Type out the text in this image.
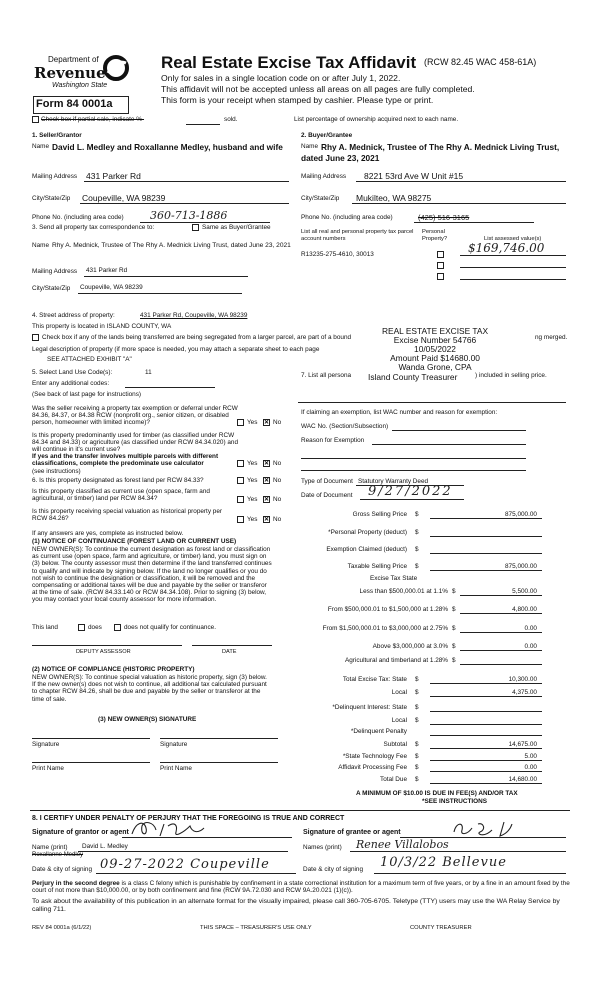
Department of
Revenue
Washington State
Form 84 0001a
Real Estate Excise Tax Affidavit (RCW 82.45 WAC 458-61A)
Only for sales in a single location code on or after July 1, 2022.
This affidavit will not be accepted unless all areas on all pages are fully completed.
This form is your receipt when stamped by cashier. Please type or print.
Check box if partial sale, indicate %-	sold.	List percentage of ownership acquired next to each name.
1. Seller/Grantor
Name David L. Medley and Roxallanne Medley, husband and wife
Mailing Address 431 Parker Rd
City/State/Zip Coupeville, WA 98239
Phone No. (including area code) 360-713-1886
2. Buyer/Grantee
Name Rhy A. Mednick, Trustee of The Rhy A. Mednick Living Trust, dated June 23, 2021
Mailing Address 8221 53rd Ave W Unit #15
City/State/Zip Mukilteo, WA 98275
Phone No. (including area code)	(425) 516-3165
3. Send all property tax correspondence to:	Same as Buyer/Grantee
Name Rhy A. Mednick, Trustee of The Rhy A. Mednick Living Trust, dated June 23, 2021
Mailing Address 431 Parker Rd
City/State/Zip Coupeville, WA 98239
List all real and personal property tax parcel account numbers
Personal Property?	List assessed value(s)
R13235-275-4610, 30013	$169,746.00
4. Street address of property:	431 Parker Rd, Coupeville, WA 98239
This property is located in ISLAND COUNTY, WA
Check box if any of the lands being transferred are being segregated from a larger parcel, are part of a bound	ng merged.
Legal description of property (if more space is needed, you may attach a separate sheet to each page
SEE ATTACHED EXHIBIT "A"
5. Select Land Use Code(s):	11
Enter any additional codes:
(See back of last page for instructions)
REAL ESTATE EXCISE TAX
Excise Number 54766
10/05/2022
Amount Paid $14680.00
Wanda Grone, CPA
7. List all persona Island County Treasurer	) included in selling price.
Was the seller receiving a property tax exemption or deferral under RCW 84.36, 84.37, or 84.38 RCW (nonprofit org., senior citizen, or disabled person, homeowner with limited income)?	Yes ✕ No
Is this property predominantly used for timber (as classified under RCW 84.34 and 84.33) or agriculture (as classified under RCW 84.34.020) and will continue in it's current use?
If yes and the transfer involves multiple parcels with different classifications, complete the predominate use calculator	Yes ✕ No
(see instructions)
6. Is this property designated as forest land per RCW 84.33?	Yes ✕ No
Is this property classified as current use (open space, farm and agricultural, or timber) land per RCW 84.34?	Yes ✕ No
Is this property receiving special valuation as historical property per RCW 84.26?	Yes ✕ No
If any answers are yes, complete as instructed below.
(1) NOTICE OF CONTINUANCE (FOREST LAND OR CURRENT USE)
NEW OWNER(S): To continue the current designation as forest land or classification as current use (open space, farm and agriculture, or timber) land, you must sign on (3) below. The county assessor must then determine if the land transferred continues to qualify and will indicate by signing below. If the land no longer qualifies or you do not wish to continue the designation or classification, it will be removed and the compensating or additional taxes will be due and payable by the seller or transferor at the time of sale. (RCW 84.33.140 or RCW 84.34.108). Prior to signing (3) below, you may contact your local county assessor for more information.
This land	does	does not qualify for continuance.
DEPUTY ASSESSOR	DATE
(2) NOTICE OF COMPLIANCE (HISTORIC PROPERTY)
NEW OWNER(S): To continue special valuation as historic property, sign (3) below. If the new owner(s) does not wish to continue, all additional tax calculated pursuant to chapter RCW 84.26, shall be due and payable by the seller or transferor at the time of sale.
(3) NEW OWNER(S) SIGNATURE
Signature	Signature
Print Name	Print Name
If claiming an exemption, list WAC number and reason for exemption:
WAC No. (Section/Subsection)
Reason for Exemption
Type of Document Statutory Warranty Deed
Date of Document 9/27/2022
Gross Selling Price $	875,000.00
*Personal Property (deduct) $
Exemption Claimed (deduct) $
Taxable Selling Price $	875,000.00
Excise Tax State
Less than $500,000.01 at 1.1% $	5,500.00
From $500,000.01 to $1,500,000 at 1.28% $	4,800.00
From $1,500,000.01 to $3,000,000 at 2.75% $	0.00
Above $3,000,000 at 3.0% $	0.00
Agricultural and timberland at 1.28% $
Total Excise Tax: State $	10,300.00
Local $	4,375.00
*Delinquent Interest: State $
Local $
*Delinquent Penalty
Subtotal $	14,675.00
*State Technology Fee $	5.00
Affidavit Processing Fee $	0.00
Total Due $	14,680.00
A MINIMUM OF $10.00 IS DUE IN FEE(S) AND/OR TAX
*SEE INSTRUCTIONS
8. I CERTIFY UNDER PENALTY OF PERJURY THAT THE FOREGOING IS TRUE AND CORRECT
Signature of grantor or agent	Signature of grantee or agent
Name (print) David L. Medley
Roxallanne Medley
Names (print) Renee Villalobos
Date & city of signing 09-27-2022 Coupeville	Date & city of signing 10/3/22 Bellevue
Perjury in the second degree is a class C felony which is punishable by confinement in a state correctional institution for a maximum term of five years, or by a fine in an amount fixed by the court of not more than $10,000.00, or by both confinement and fine (RCW 9A.72.030 and RCW 9A.20.021 (1)(c)).
To ask about the availability of this publication in an alternate format for the visually impaired, please call 360-705-6705. Teletype (TTY) users may use the WA Relay Service by calling 711.
REV 84 0001a (6/1/22)	THIS SPACE – TREASURER'S USE ONLY	COUNTY TREASURER
